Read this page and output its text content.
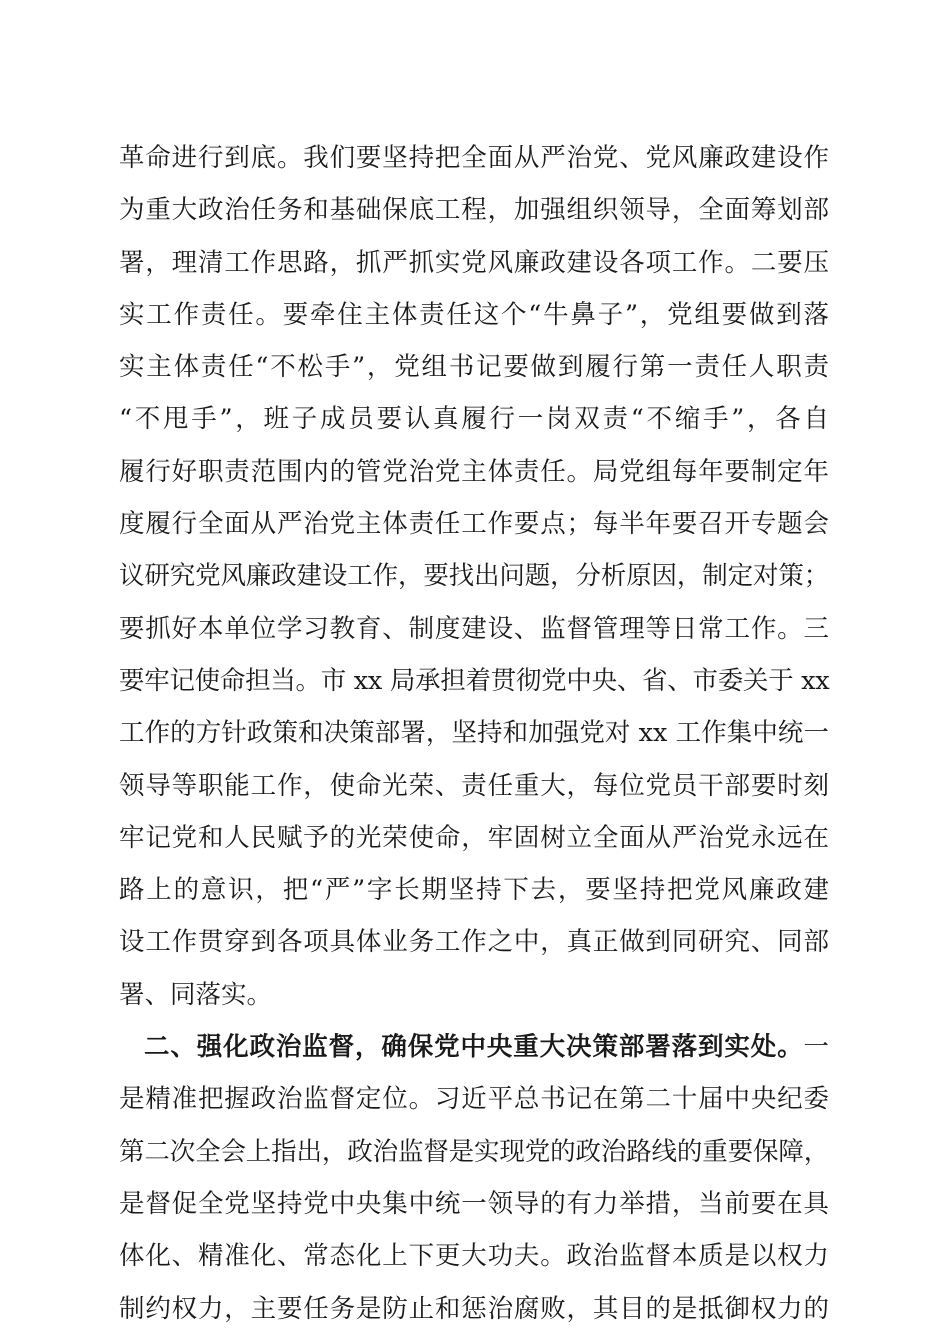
革命进行到底。我们要坚持把全面从严治党、党风廉政建设作
为重大政治任务和基础保底工程，加强组织领导，全面筹划部
署，理清工作思路，抓严抓实党风廉政建设各项工作。二要压
实工作责任。要牵住主体责任这个“牛鼻子”，党组要做到落
实主体责任“不松手”，党组书记要做到履行第一责任人职责
“不甩手”，班子成员要认真履行一岗双责“不缩手”，各自
履行好职责范围内的管党治党主体责任。局党组每年要制定年
度履行全面从严治党主体责任工作要点；每半年要召开专题会
议研究党风廉政建设工作，要找出问题，分析原因，制定对策；
要抓好本单位学习教育、制度建设、监督管理等日常工作。三
要牢记使命担当。市 xx 局承担着贯彻党中央、省、市委关于 xx
工作的方针政策和决策部署，坚持和加强党对 xx 工作集中统一
领导等职能工作，使命光荣、责任重大，每位党员干部要时刻
牢记党和人民赋予的光荣使命，牢固树立全面从严治党永远在
路上的意识，把“严”字长期坚持下去，要坚持把党风廉政建
设工作贯穿到各项具体业务工作之中，真正做到同研究、同部
署、同落实。
二、强化政治监督，确保党中央重大决策部署落到实处。一
是精准把握政治监督定位。习近平总书记在第二十届中央纪委
第二次全会上指出，政治监督是实现党的政治路线的重要保障，
是督促全党坚持党中央集中统一领导的有力举措，当前要在具
体化、精准化、常态化上下更大功夫。政治监督本质是以权力
制约权力，主要任务是防止和惩治腐败，其目的是抵御权力的
